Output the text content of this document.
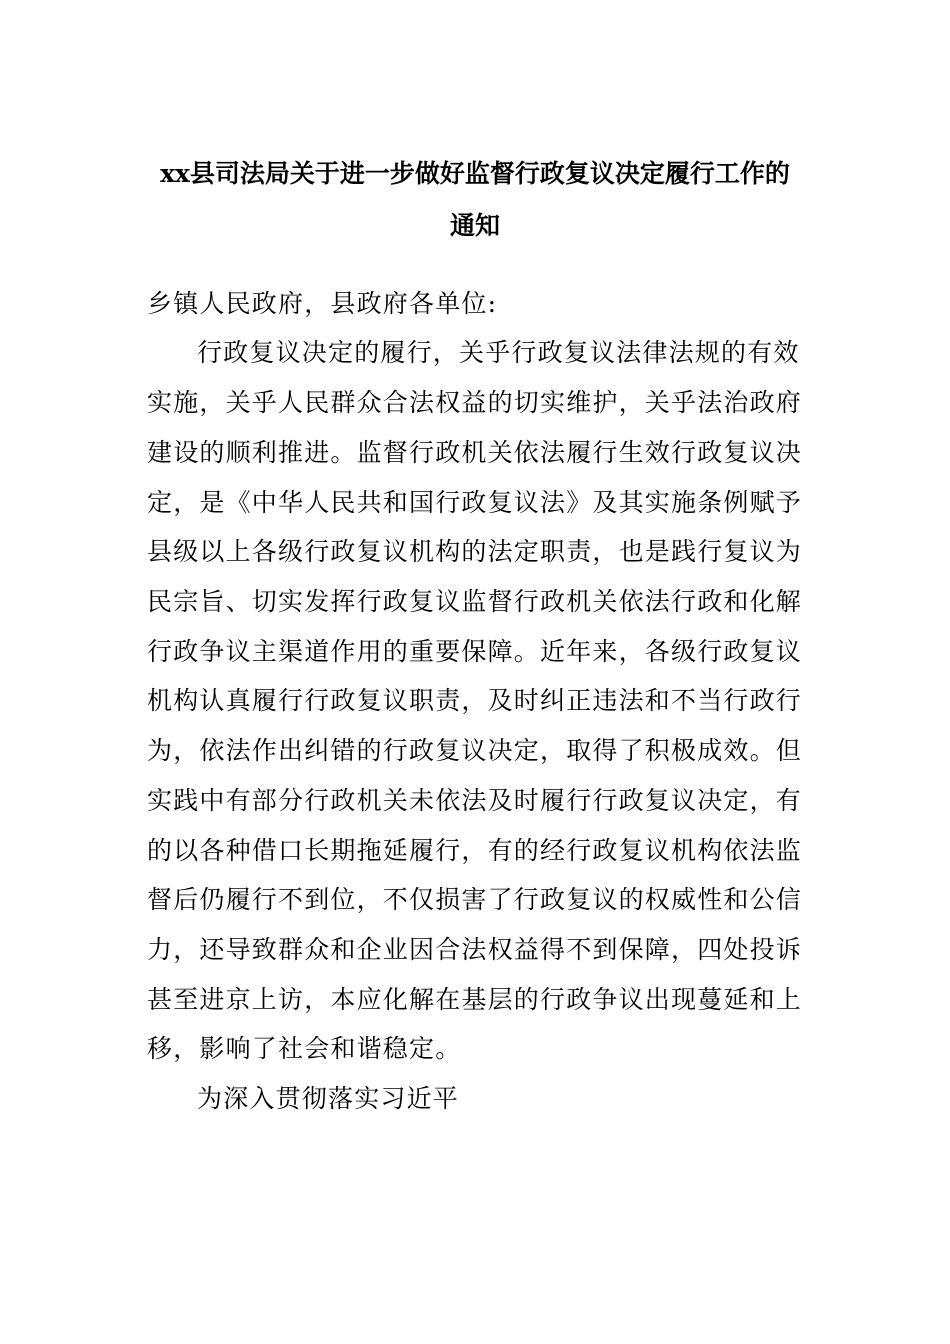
xx县司法局关于进一步做好监督行政复议决定履行工作的
通知
乡镇人民政府，县政府各单位:
行政复议决定的履行，关乎行政复议法律法规的有效
实施，关乎人民群众合法权益的切实维护，关乎法治政府
建设的顺利推进。监督行政机关依法履行生效行政复议决
定，是《中华人民共和国行政复议法》及其实施条例赋予
县级以上各级行政复议机构的法定职责，也是践行复议为
民宗旨、切实发挥行政复议监督行政机关依法行政和化解
行政争议主渠道作用的重要保障。近年来，各级行政复议
机构认真履行行政复议职责，及时纠正违法和不当行政行
为，依法作出纠错的行政复议决定，取得了积极成效。但
实践中有部分行政机关未依法及时履行行政复议决定，有
的以各种借口长期拖延履行，有的经行政复议机构依法监
督后仍履行不到位，不仅损害了行政复议的权威性和公信
力，还导致群众和企业因合法权益得不到保障，四处投诉
甚至进京上访，本应化解在基层的行政争议出现蔓延和上
移，影响了社会和谐稳定。
为深入贯彻落实习近平
